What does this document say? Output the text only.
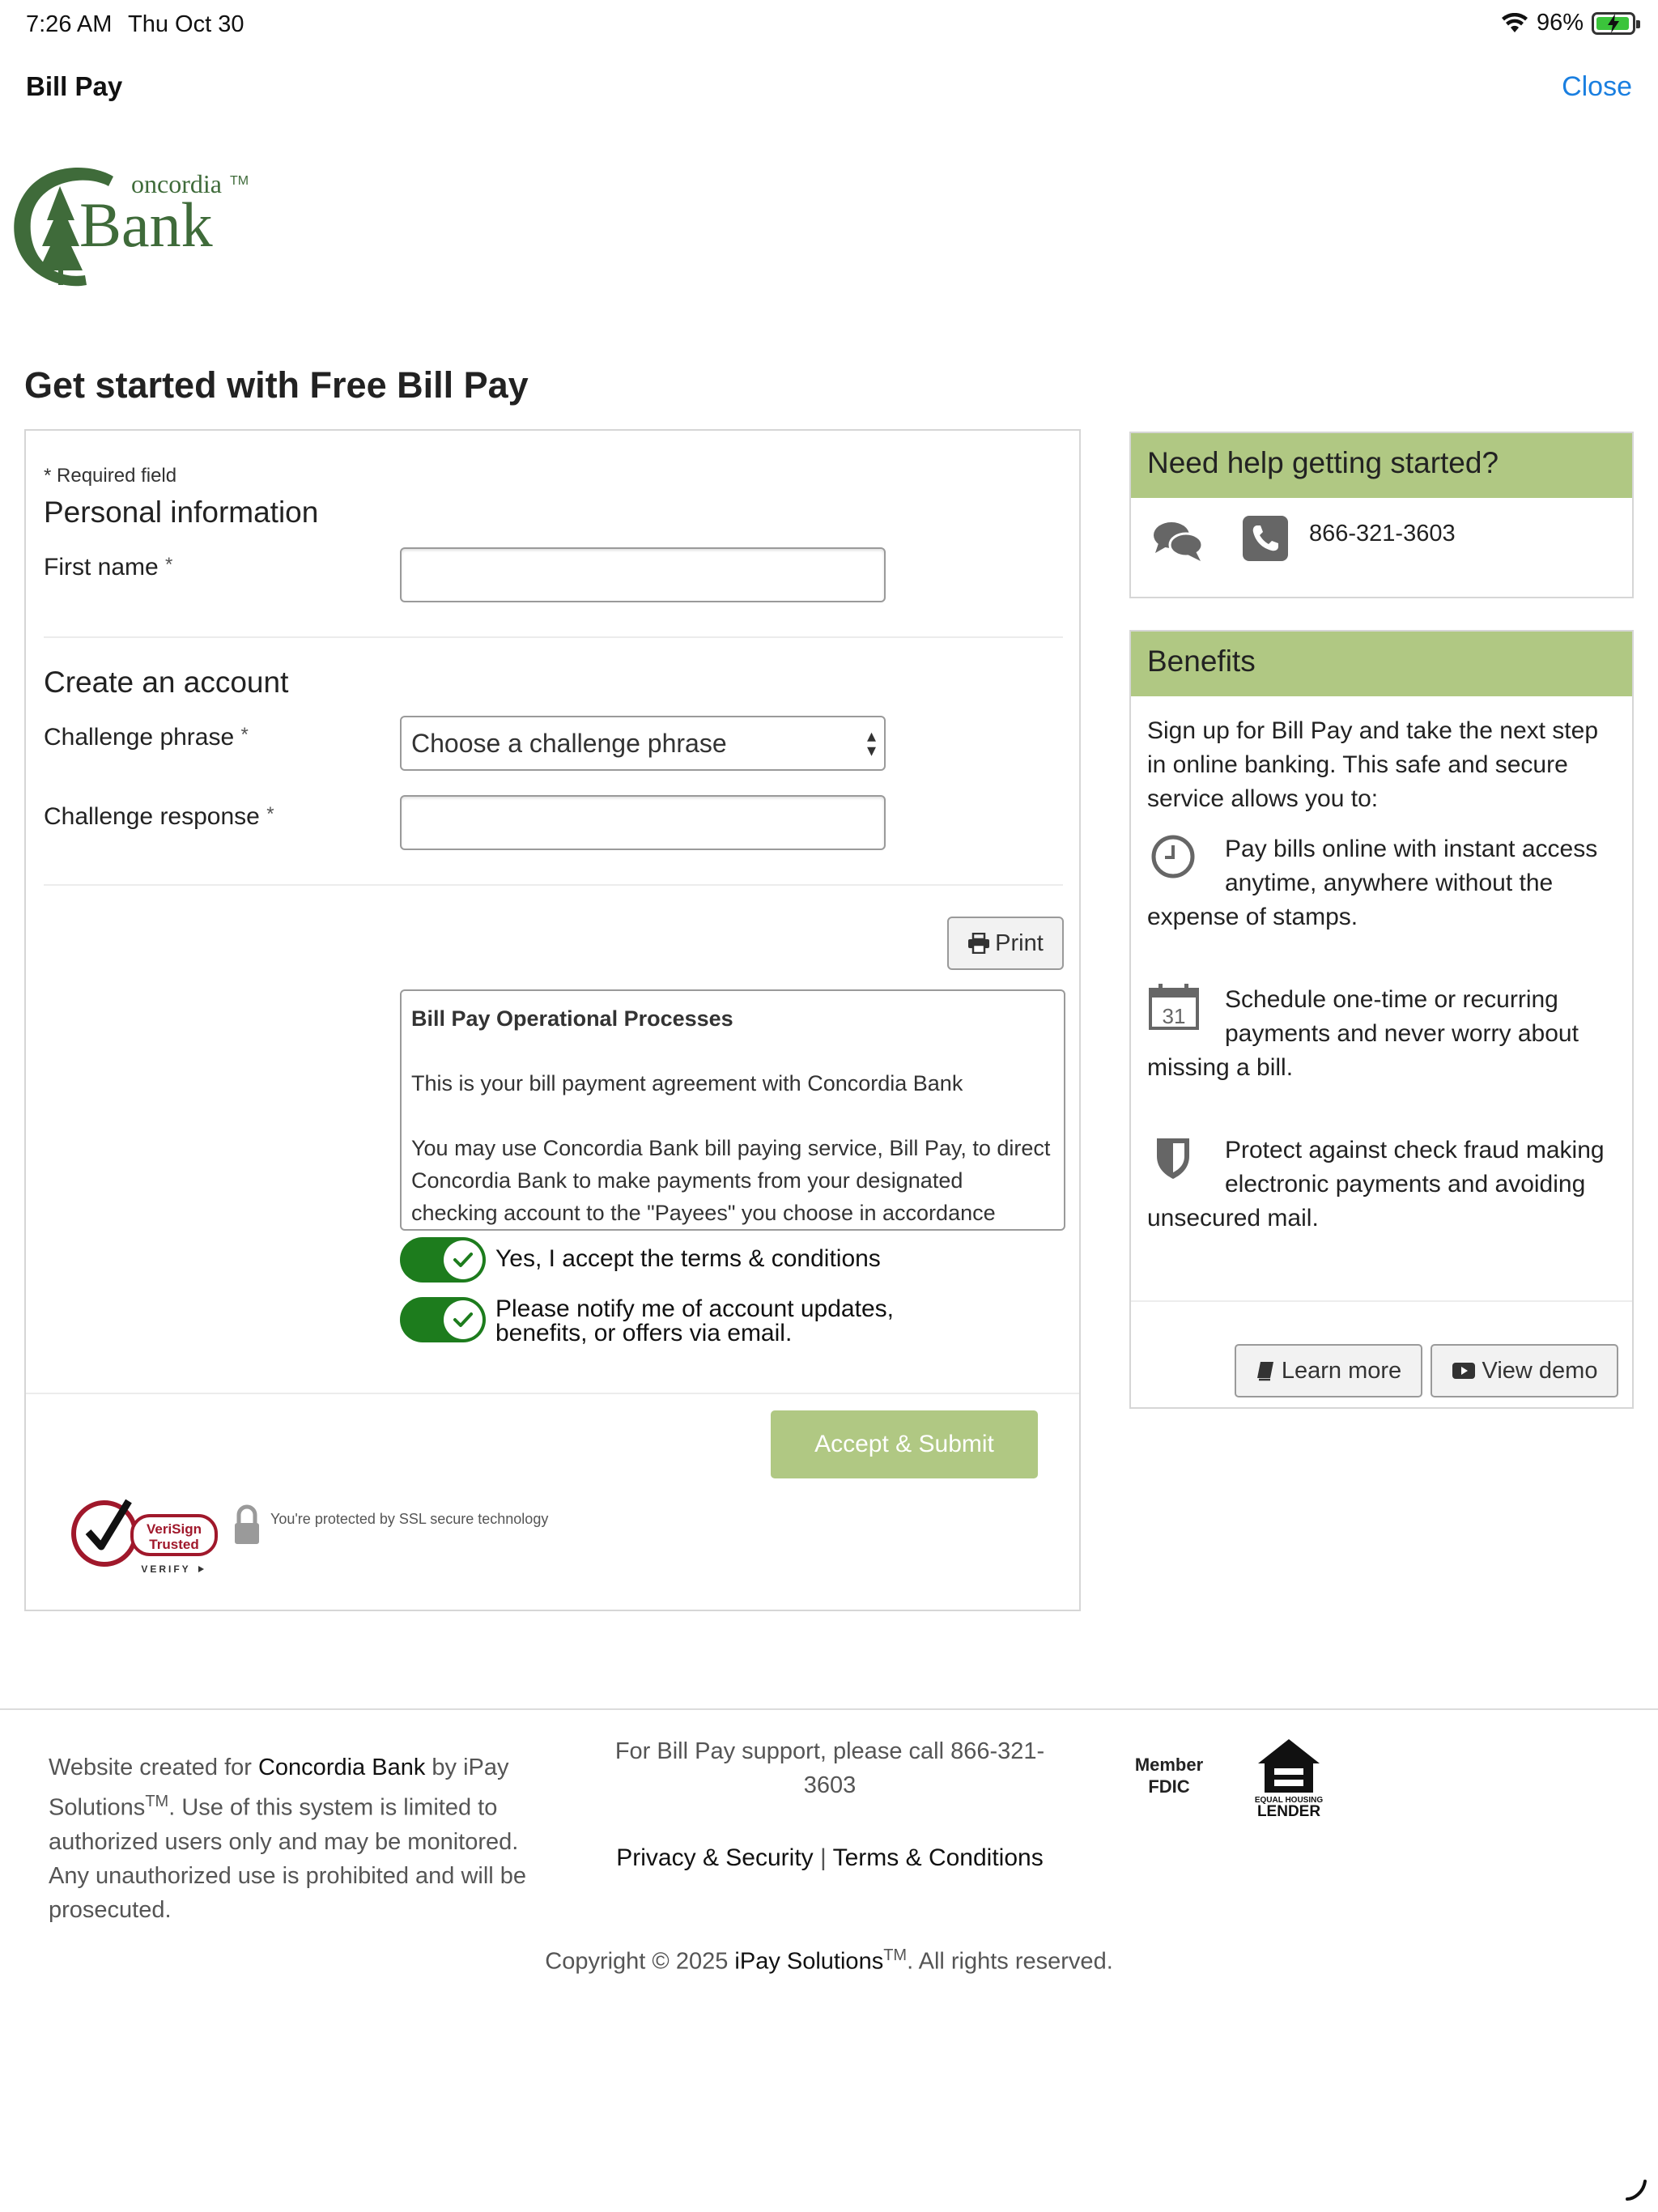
7:26 AM Thu Oct 30	96%
Bill Pay	Close
oncordia TM
Bank
Get started with Free Bill Pay
* Required field
Personal information
First name *
Create an account
Challenge phrase *	Choose a challenge phrase	▴
▾
Challenge response *
Print

Bill Pay Operational Processes

This is your bill payment agreement with Concordia Bank

You may use Concordia Bank bill paying service, Bill Pay, to direct Concordia Bank to make payments from your designated checking account to the "Payees" you choose in accordance

Yes, I accept the terms & conditions
Please notify me of account updates,
benefits, or offers via email.
Accept & Submit
VeriSign
Trusted
VERIFY
You're protected by SSL secure technology
Need help getting started?
866-321-3603
Benefits
Sign up for Bill Pay and take the next step in online banking. This safe and secure service allows you to:
Pay bills online with instant access anytime, anywhere without the expense of stamps.
31
Schedule one-time or recurring payments and never worry about missing a bill.
Protect against check fraud making electronic payments and avoiding unsecured mail.
Learn more	View demo
Website created for Concordia Bank by iPay Solutions™. Use of this system is limited to authorized users only and may be monitored. Any unauthorized use is prohibited and will be prosecuted.
For Bill Pay support, please call 866-321-3603
Privacy & Security | Terms & Conditions
Member
FDIC
EQUAL HOUSING
LENDER
Copyright © 2025 iPay Solutions™. All rights reserved.
